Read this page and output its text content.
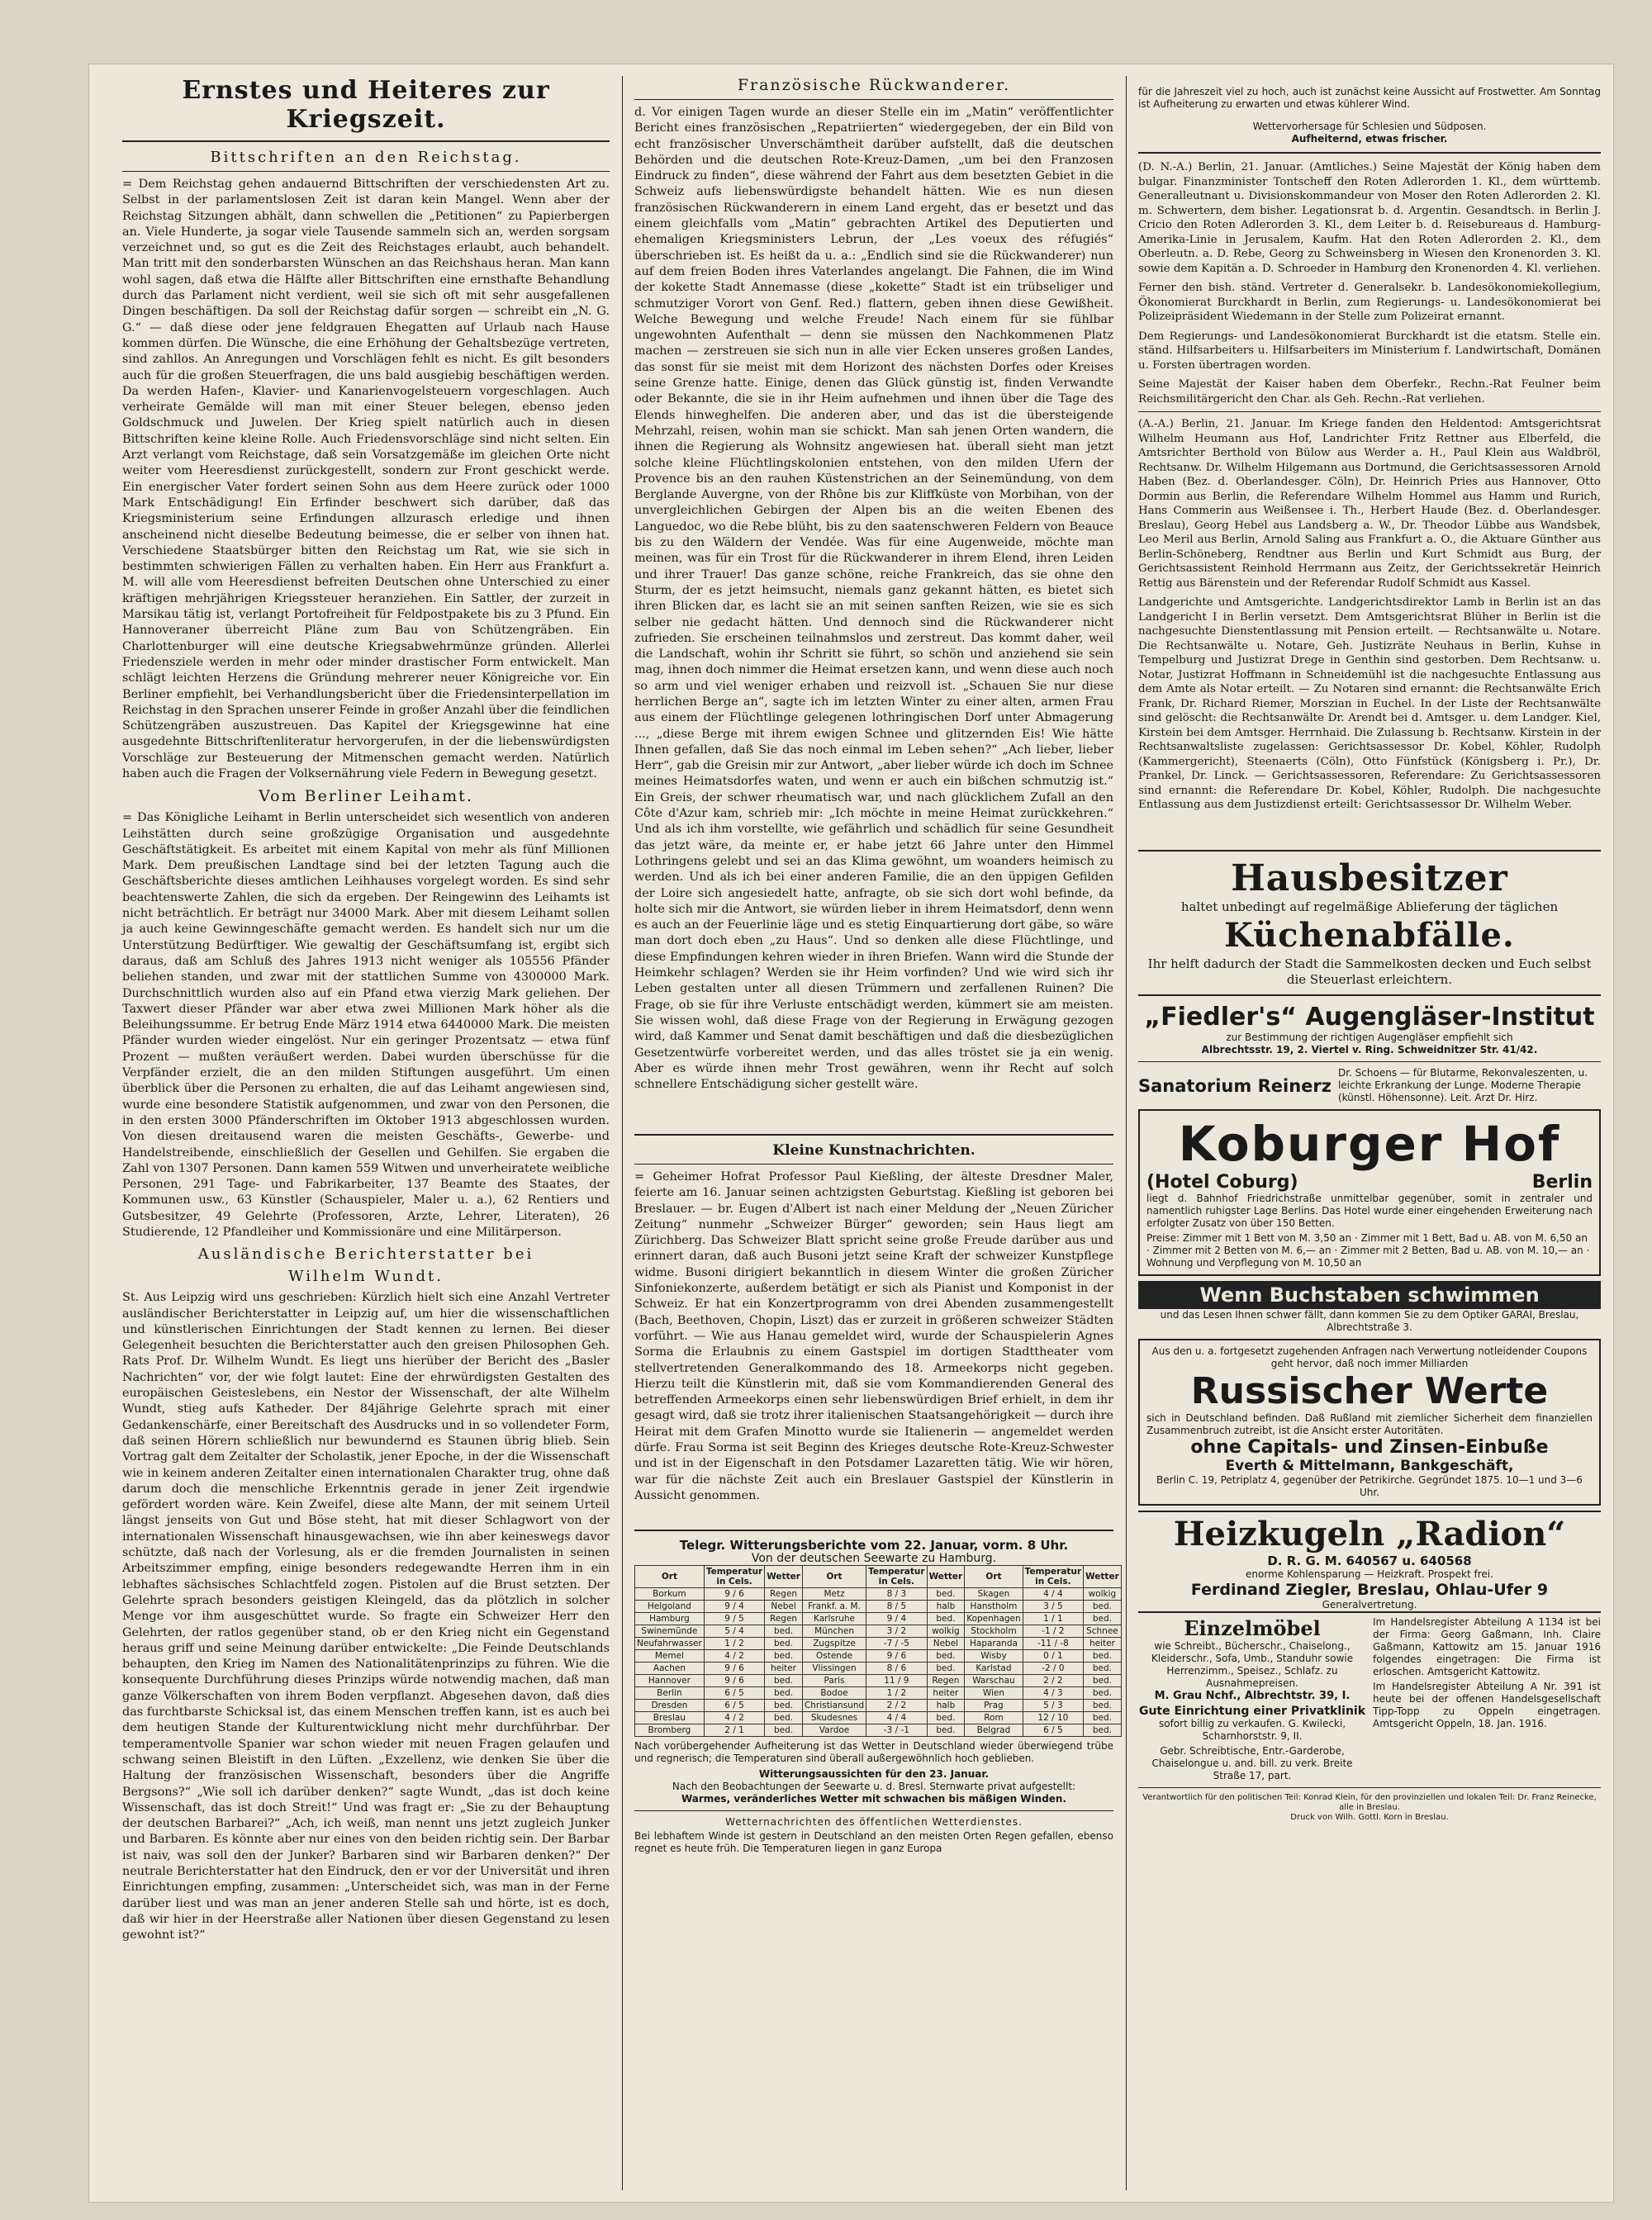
Ernstes und Heiteres zur Kriegszeit.
Bittschriften an den Reichstag.

= Dem Reichstag gehen andauernd Bittschriften der verschiedensten Art zu. Selbst in der parlamentslosen Zeit ist daran kein Mangel. Wenn aber der Reichstag Sitzungen abhält, dann schwellen die „Petitionen“ zu Papierbergen an. Viele Hunderte, ja sogar viele Tausende sammeln sich an, werden sorgsam verzeichnet und, so gut es die Zeit des Reichstages erlaubt, auch behandelt. Man tritt mit den sonderbarsten Wünschen an das Reichshaus heran. Man kann wohl sagen, daß etwa die Hälfte aller Bittschriften eine ernsthafte Behandlung durch das Parlament nicht verdient, weil sie sich oft mit sehr ausgefallenen Dingen beschäftigen. Da soll der Reichstag dafür sorgen — schreibt ein „N. G. G.“ — daß diese oder jene feldgrauen Ehegatten auf Urlaub nach Hause kommen dürfen. Die Wünsche, die eine Erhöhung der Gehaltsbezüge vertreten, sind zahllos. An Anregungen und Vorschlägen fehlt es nicht. Es gilt besonders auch für die großen Steuerfragen, die uns bald ausgiebig beschäftigen werden. Da werden Hafen-, Klavier- und Kanarienvogelsteuern vorgeschlagen. Auch verheirate Gemälde will man mit einer Steuer belegen, ebenso jeden Goldschmuck und Juwelen. Der Krieg spielt natürlich auch in diesen Bittschriften keine kleine Rolle. Auch Friedensvorschläge sind nicht selten. Ein Arzt verlangt vom Reichstage, daß sein Vorsatzgemäße im gleichen Orte nicht weiter vom Heeresdienst zurückgestellt, sondern zur Front geschickt werde. Ein energischer Vater fordert seinen Sohn aus dem Heere zurück oder 1000 Mark Entschädigung! Ein Erfinder beschwert sich darüber, daß das Kriegsministerium seine Erfindungen allzurasch erledige und ihnen anscheinend nicht dieselbe Bedeutung beimesse, die er selber von ihnen hat. Verschiedene Staatsbürger bitten den Reichstag um Rat, wie sie sich in bestimmten schwierigen Fällen zu verhalten haben. Ein Herr aus Frankfurt a. M. will alle vom Heeresdienst befreiten Deutschen ohne Unterschied zu einer kräftigen mehrjährigen Kriegssteuer heranziehen. Ein Sattler, der zurzeit in Marsikau tätig ist, verlangt Portofreiheit für Feldpostpakete bis zu 3 Pfund. Ein Hannoveraner überreicht Pläne zum Bau von Schützengräben. Ein Charlottenburger will eine deutsche Kriegsabwehrmünze gründen. Allerlei Friedensziele werden in mehr oder minder drastischer Form entwickelt. Man schlägt leichten Herzens die Gründung mehrerer neuer Königreiche vor. Ein Berliner empfiehlt, bei Verhandlungsbericht über die Friedensinterpellation im Reichstag in den Sprachen unserer Feinde in großer Anzahl über die feindlichen Schützengräben auszustreuen. Das Kapitel der Kriegsgewinne hat eine ausgedehnte Bittschriftenliteratur hervorgerufen, in der die liebenswürdigsten Vorschläge zur Besteuerung der Mitmenschen gemacht werden. Natürlich haben auch die Fragen der Volksernährung viele Federn in Bewegung gesetzt.

Vom Berliner Leihamt.

= Das Königliche Leihamt in Berlin unterscheidet sich wesentlich von anderen Leihstätten durch seine großzügige Organisation und ausgedehnte Geschäftstätigkeit. Es arbeitet mit einem Kapital von mehr als fünf Millionen Mark. Dem preußischen Landtage sind bei der letzten Tagung auch die Geschäftsberichte dieses amtlichen Leihhauses vorgelegt worden. Es sind sehr beachtenswerte Zahlen, die sich da ergeben. Der Reingewinn des Leihamts ist nicht beträchtlich. Er beträgt nur 34000 Mark. Aber mit diesem Leihamt sollen ja auch keine Gewinngeschäfte gemacht werden. Es handelt sich nur um die Unterstützung Bedürftiger. Wie gewaltig der Geschäftsumfang ist, ergibt sich daraus, daß am Schluß des Jahres 1913 nicht weniger als 105556 Pfänder beliehen standen, und zwar mit der stattlichen Summe von 4300000 Mark. Durchschnittlich wurden also auf ein Pfand etwa vierzig Mark geliehen. Der Taxwert dieser Pfänder war aber etwa zwei Millionen Mark höher als die Beleihungssumme. Er betrug Ende März 1914 etwa 6440000 Mark. Die meisten Pfänder wurden wieder eingelöst. Nur ein geringer Prozentsatz — etwa fünf Prozent — mußten veräußert werden. Dabei wurden überschüsse für die Verpfänder erzielt, die an den milden Stiftungen ausgeführt. Um einen überblick über die Personen zu erhalten, die auf das Leihamt angewiesen sind, wurde eine besondere Statistik aufgenommen, und zwar von den Personen, die in den ersten 3000 Pfänderschriften im Oktober 1913 abgeschlossen wurden. Von diesen dreitausend waren die meisten Geschäfts-, Gewerbe- und Handelstreibende, einschließlich der Gesellen und Gehilfen. Sie ergaben die Zahl von 1307 Personen. Dann kamen 559 Witwen und unverheiratete weibliche Personen, 291 Tage- und Fabrikarbeiter, 137 Beamte des Staates, der Kommunen usw., 63 Künstler (Schauspieler, Maler u. a.), 62 Rentiers und Gutsbesitzer, 49 Gelehrte (Professoren, Arzte, Lehrer, Literaten), 26 Studierende, 12 Pfandleiher und Kommissionäre und eine Militärperson.

Ausländische Berichterstatter bei
Wilhelm Wundt.

St. Aus Leipzig wird uns geschrieben: Kürzlich hielt sich eine Anzahl Vertreter ausländischer Berichterstatter in Leipzig auf, um hier die wissenschaftlichen und künstlerischen Einrichtungen der Stadt kennen zu lernen. Bei dieser Gelegenheit besuchten die Berichterstatter auch den greisen Philosophen Geh. Rats Prof. Dr. Wilhelm Wundt. Es liegt uns hierüber der Bericht des „Basler Nachrichten“ vor, der wie folgt lautet: Eine der ehrwürdigsten Gestalten des europäischen Geisteslebens, ein Nestor der Wissenschaft, der alte Wilhelm Wundt, stieg aufs Katheder. Der 84jährige Gelehrte sprach mit einer Gedankenschärfe, einer Bereitschaft des Ausdrucks und in so vollendeter Form, daß seinen Hörern schließlich nur bewundernd es Staunen übrig blieb. Sein Vortrag galt dem Zeitalter der Scholastik, jener Epoche, in der die Wissenschaft wie in keinem anderen Zeitalter einen internationalen Charakter trug, ohne daß darum doch die menschliche Erkenntnis gerade in jener Zeit irgendwie gefördert worden wäre. Kein Zweifel, diese alte Mann, der mit seinem Urteil längst jenseits von Gut und Böse steht, hat mit dieser Schlagwort von der internationalen Wissenschaft hinausgewachsen, wie ihn aber keineswegs davor schützte, daß nach der Vorlesung, als er die fremden Journalisten in seinen Arbeitszimmer empfing, einige besonders redegewandte Herren ihm in ein lebhaftes sächsisches Schlachtfeld zogen. Pistolen auf die Brust setzten. Der Gelehrte sprach besonders geistigen Kleingeld, das da plötzlich in solcher Menge vor ihm ausgeschüttet wurde. So fragte ein Schweizer Herr den Gelehrten, der ratlos gegenüber stand, ob er den Krieg nicht ein Gegenstand heraus griff und seine Meinung darüber entwickelte: „Die Feinde Deutschlands behaupten, den Krieg im Namen des Nationalitätenprinzips zu führen. Wie die konsequente Durchführung dieses Prinzips würde notwendig machen, daß man ganze Völkerschaften von ihrem Boden verpflanzt. Abgesehen davon, daß dies das furchtbarste Schicksal ist, das einem Menschen treffen kann, ist es auch bei dem heutigen Stande der Kulturentwicklung nicht mehr durchführbar. Der temperamentvolle Spanier war schon wieder mit neuen Fragen gelaufen und schwang seinen Bleistift in den Lüften. „Exzellenz, wie denken Sie über die Haltung der französischen Wissenschaft, besonders über die Angriffe Bergsons?“ „Wie soll ich darüber denken?“ sagte Wundt, „das ist doch keine Wissenschaft, das ist doch Streit!“ Und was fragt er: „Sie zu der Behauptung der deutschen Barbarei?“ „Ach, ich weiß, man nennt uns jetzt zugleich Junker und Barbaren. Es könnte aber nur eines von den beiden richtig sein. Der Barbar ist naiv, was soll den der Junker? Barbaren sind wir Barbaren denken?“ Der neutrale Berichterstatter hat den Eindruck, den er vor der Universität und ihren Einrichtungen empfing, zusammen: „Unterscheidet sich, was man in der Ferne darüber liest und was man an jener anderen Stelle sah und hörte, ist es doch, daß wir hier in der Heerstraße aller Nationen über diesen Gegenstand zu lesen gewohnt ist?“

Französische Rückwanderer.

d. Vor einigen Tagen wurde an dieser Stelle ein im „Matin“ veröffentlichter Bericht eines französischen „Repatriierten“ wiedergegeben, der ein Bild von echt französischer Unverschämtheit darüber aufstellt, daß die deutschen Behörden und die deutschen Rote-Kreuz-Damen, „um bei den Franzosen Eindruck zu finden“, diese während der Fahrt aus dem besetzten Gebiet in die Schweiz aufs liebenswürdigste behandelt hätten. Wie es nun diesen französischen Rückwanderern in einem Land ergeht, das er besetzt und das einem gleichfalls vom „Matin“ gebrachten Artikel des Deputierten und ehemaligen Kriegsministers Lebrun, der „Les voeux des réfugiés“ überschrieben ist. Es heißt da u. a.: „Endlich sind sie die Rückwanderer) nun auf dem freien Boden ihres Vaterlandes angelangt. Die Fahnen, die im Wind der kokette Stadt Annemasse (diese „kokette“ Stadt ist ein trübseliger und schmutziger Vorort von Genf. Red.) flattern, geben ihnen diese Gewißheit. Welche Bewegung und welche Freude! Nach einem für sie fühlbar ungewohnten Aufenthalt — denn sie müssen den Nachkommenen Platz machen — zerstreuen sie sich nun in alle vier Ecken unseres großen Landes, das sonst für sie meist mit dem Horizont des nächsten Dorfes oder Kreises seine Grenze hatte. Einige, denen das Glück günstig ist, finden Verwandte oder Bekannte, die sie in ihr Heim aufnehmen und ihnen über die Tage des Elends hinweghelfen. Die anderen aber, und das ist die übersteigende Mehrzahl, reisen, wohin man sie schickt. Man sah jenen Orten wandern, die ihnen die Regierung als Wohnsitz angewiesen hat. überall sieht man jetzt solche kleine Flüchtlingskolonien entstehen, von den milden Ufern der Provence bis an den rauhen Küstenstrichen an der Seinemündung, von dem Berglande Auvergne, von der Rhône bis zur Kliffküste von Morbihan, von der unvergleichlichen Gebirgen der Alpen bis an die weiten Ebenen des Languedoc, wo die Rebe blüht, bis zu den saatenschweren Feldern von Beauce bis zu den Wäldern der Vendée. Was für eine Augenweide, möchte man meinen, was für ein Trost für die Rückwanderer in ihrem Elend, ihren Leiden und ihrer Trauer! Das ganze schöne, reiche Frankreich, das sie ohne den Sturm, der es jetzt heimsucht, niemals ganz gekannt hätten, es bietet sich ihren Blicken dar, es lacht sie an mit seinen sanften Reizen, wie sie es sich selber nie gedacht hätten. Und dennoch sind die Rückwanderer nicht zufrieden. Sie erscheinen teilnahmslos und zerstreut. Das kommt daher, weil die Landschaft, wohin ihr Schritt sie führt, so schön und anziehend sie sein mag, ihnen doch nimmer die Heimat ersetzen kann, und wenn diese auch noch so arm und viel weniger erhaben und reizvoll ist. „Schauen Sie nur diese herrlichen Berge an“, sagte ich im letzten Winter zu einer alten, armen Frau aus einem der Flüchtlinge gelegenen lothringischen Dorf unter Abmagerung ..., „diese Berge mit ihrem ewigen Schnee und glitzernden Eis! Wie hätte Ihnen gefallen, daß Sie das noch einmal im Leben sehen?“ „Ach lieber, lieber Herr“, gab die Greisin mir zur Antwort, „aber lieber würde ich doch im Schnee meines Heimatsdorfes waten, und wenn er auch ein bißchen schmutzig ist.“ Ein Greis, der schwer rheumatisch war, und nach glücklichem Zufall an den Côte d'Azur kam, schrieb mir: „Ich möchte in meine Heimat zurückkehren.“ Und als ich ihm vorstellte, wie gefährlich und schädlich für seine Gesundheit das jetzt wäre, da meinte er, er habe jetzt 66 Jahre unter den Himmel Lothringens gelebt und sei an das Klima gewöhnt, um woanders heimisch zu werden. Und als ich bei einer anderen Familie, die an den üppigen Gefilden der Loire sich angesiedelt hatte, anfragte, ob sie sich dort wohl befinde, da holte sich mir die Antwort, sie würden lieber in ihrem Heimatsdorf, denn wenn es auch an der Feuerlinie läge und es stetig Einquartierung dort gäbe, so wäre man dort doch eben „zu Haus“. Und so denken alle diese Flüchtlinge, und diese Empfindungen kehren wieder in ihren Briefen. Wann wird die Stunde der Heimkehr schlagen? Werden sie ihr Heim vorfinden? Und wie wird sich ihr Leben gestalten unter all diesen Trümmern und zerfallenen Ruinen? Die Frage, ob sie für ihre Verluste entschädigt werden, kümmert sie am meisten. Sie wissen wohl, daß diese Frage von der Regierung in Erwägung gezogen wird, daß Kammer und Senat damit beschäftigen und daß die diesbezüglichen Gesetzentwürfe vorbereitet werden, und das alles tröstet sie ja ein wenig. Aber es würde ihnen mehr Trost gewähren, wenn ihr Recht auf solch schnellere Entschädigung sicher gestellt wäre.

Kleine Kunstnachrichten.

= Geheimer Hofrat Professor Paul Kießling, der älteste Dresdner Maler, feierte am 16. Januar seinen achtzigsten Geburtstag. Kießling ist geboren bei Breslauer. — br. Eugen d'Albert ist nach einer Meldung der „Neuen Züricher Zeitung“ nunmehr „Schweizer Bürger“ geworden; sein Haus liegt am Zürichberg. Das Schweizer Blatt spricht seine große Freude darüber aus und erinnert daran, daß auch Busoni jetzt seine Kraft der schweizer Kunstpflege widme. Busoni dirigiert bekanntlich in diesem Winter die großen Züricher Sinfoniekonzerte, außerdem betätigt er sich als Pianist und Komponist in der Schweiz. Er hat ein Konzertprogramm von drei Abenden zusammengestellt (Bach, Beethoven, Chopin, Liszt) das er zurzeit in größeren schweizer Städten vorführt. — Wie aus Hanau gemeldet wird, wurde der Schauspielerin Agnes Sorma die Erlaubnis zu einem Gastspiel im dortigen Stadttheater vom stellvertretenden Generalkommando des 18. Armeekorps nicht gegeben. Hierzu teilt die Künstlerin mit, daß sie vom Kommandierenden General des betreffenden Armeekorps einen sehr liebenswürdigen Brief erhielt, in dem ihr gesagt wird, daß sie trotz ihrer italienischen Staatsangehörigkeit — durch ihre Heirat mit dem Grafen Minotto wurde sie Italienerin — angemeldet werden dürfe. Frau Sorma ist seit Beginn des Krieges deutsche Rote-Kreuz-Schwester und ist in der Eigenschaft in den Potsdamer Lazaretten tätig. Wie wir hören, war für die nächste Zeit auch ein Breslauer Gastspiel der Künstlerin in Aussicht genommen.

Telegr. Witterungsberichte vom 22. Januar, vorm. 8 Uhr.
Von der deutschen Seewarte zu Hamburg.
Ort	Temperatur in Cels.	Wetter	Ort	Temperatur in Cels.	Wetter	Ort	Temperatur in Cels.	Wetter
Borkum	9 / 6	Regen	Metz	8 / 3	bed.	Skagen	4 / 4	wolkig
Helgoland	9 / 4	Nebel	Frankf. a. M.	8 / 5	halb	Hanstholm	3 / 5	bed.
Hamburg	9 / 5	Regen	Karlsruhe	9 / 4	bed.	Kopenhagen	1 / 1	bed.
Swinemünde	5 / 4	bed.	München	3 / 2	wolkig	Stockholm	-1 / 2	Schnee
Neufahrwasser	1 / 2	bed.	Zugspitze	-7 / -5	Nebel	Haparanda	-11 / -8	heiter
Memel	4 / 2	bed.	Ostende	9 / 6	bed.	Wisby	0 / 1	bed.
Aachen	9 / 6	heiter	Vlissingen	8 / 6	bed.	Karlstad	-2 / 0	bed.
Hannover	9 / 6	bed.	Paris	11 / 9	Regen	Warschau	2 / 2	bed.
Berlin	6 / 5	bed.	Bodoe	1 / 2	heiter	Wien	4 / 3	bed.
Dresden	6 / 5	bed.	Christiansund	2 / 2	halb	Prag	5 / 3	bed.
Breslau	4 / 2	bed.	Skudesnes	4 / 4	bed.	Rom	12 / 10	bed.
Bromberg	2 / 1	bed.	Vardoe	-3 / -1	bed.	Belgrad	6 / 5	bed.

Nach vorübergehender Aufheiterung ist das Wetter in Deutschland wieder überwiegend trübe und regnerisch; die Temperaturen sind überall außergewöhnlich hoch geblieben.

Witterungsaussichten für den 23. Januar.
Nach den Beobachtungen der Seewarte u. d. Bresl. Sternwarte privat aufgestellt:
Warmes, veränderliches Wetter mit schwachen bis mäßigen Winden.
Wetternachrichten des öffentlichen Wetterdienstes.

Bei lebhaftem Winde ist gestern in Deutschland an den meisten Orten Regen gefallen, ebenso regnet es heute früh. Die Temperaturen liegen in ganz Europa

für die Jahreszeit viel zu hoch, auch ist zunächst keine Aussicht auf Frostwetter. Am Sonntag ist Aufheiterung zu erwarten und etwas kühlerer Wind.

Wettervorhersage für Schlesien und Südposen.
Aufheiternd, etwas frischer.

(D. N.-A.) Berlin, 21. Januar. (Amtliches.) Seine Majestät der König haben dem bulgar. Finanzminister Tontscheff den Roten Adlerorden 1. Kl., dem württemb. Generalleutnant u. Divisionskommandeur von Moser den Roten Adlerorden 2. Kl. m. Schwertern, dem bisher. Legationsrat b. d. Argentin. Gesandtsch. in Berlin J. Cricio den Roten Adlerorden 3. Kl., dem Leiter b. d. Reisebureaus d. Hamburg-Amerika-Linie in Jerusalem, Kaufm. Hat den Roten Adlerorden 2. Kl., dem Oberleutn. a. D. Rebe, Georg zu Schweinsberg in Wiesen den Kronenorden 3. Kl. sowie dem Kapitän a. D. Schroeder in Hamburg den Kronenorden 4. Kl. verliehen.

Ferner den bish. ständ. Vertreter d. Generalsekr. b. Landesökonomiekollegium, Ökonomierat Burckhardt in Berlin, zum Regierungs- u. Landesökonomierat bei Polizeipräsident Wiedemann in der Stelle zum Polizeirat ernannt.

Dem Regierungs- und Landesökonomierat Burckhardt ist die etatsm. Stelle ein. ständ. Hilfsarbeiters u. Hilfsarbeiters im Ministerium f. Landwirtschaft, Domänen u. Forsten übertragen worden.

Seine Majestät der Kaiser haben dem Oberfekr., Rechn.-Rat Feulner beim Reichsmilitärgericht den Char. als Geh. Rechn.-Rat verliehen.

(A.-A.) Berlin, 21. Januar. Im Kriege fanden den Heldentod: Amtsgerichtsrat Wilhelm Heumann aus Hof, Landrichter Fritz Rettner aus Elberfeld, die Amtsrichter Berthold von Bülow aus Werder a. H., Paul Klein aus Waldbröl, Rechtsanw. Dr. Wilhelm Hilgemann aus Dortmund, die Gerichtsassessoren Arnold Haben (Bez. d. Oberlandesger. Cöln), Dr. Heinrich Pries aus Hannover, Otto Dormin aus Berlin, die Referendare Wilhelm Hommel aus Hamm und Rurich, Hans Commerin aus Weißensee i. Th., Herbert Haude (Bez. d. Oberlandesger. Breslau), Georg Hebel aus Landsberg a. W., Dr. Theodor Lübbe aus Wandsbek, Leo Meril aus Berlin, Arnold Saling aus Frankfurt a. O., die Aktuare Günther aus Berlin-Schöneberg, Rendtner aus Berlin und Kurt Schmidt aus Burg, der Gerichtsassistent Reinhold Herrmann aus Zeitz, der Gerichtssekretär Heinrich Rettig aus Bärenstein und der Referendar Rudolf Schmidt aus Kassel.

Landgerichte und Amtsgerichte. Landgerichtsdirektor Lamb in Berlin ist an das Landgericht I in Berlin versetzt. Dem Amtsgerichtsrat Blüher in Berlin ist die nachgesuchte Dienstentlassung mit Pension erteilt. — Rechtsanwälte u. Notare. Die Rechtsanwälte u. Notare, Geh. Justizräte Neuhaus in Berlin, Kuhse in Tempelburg und Justizrat Drege in Genthin sind gestorben. Dem Rechtsanw. u. Notar, Justizrat Hoffmann in Schneidemühl ist die nachgesuchte Entlassung aus dem Amte als Notar erteilt. — Zu Notaren sind ernannt: die Rechtsanwälte Erich Frank, Dr. Richard Riemer, Morszian in Euchel. In der Liste der Rechtsanwälte sind gelöscht: die Rechtsanwälte Dr. Arendt bei d. Amtsger. u. dem Landger. Kiel, Kirstein bei dem Amtsger. Herrnhaid. Die Zulassung b. Rechtsanw. Kirstein in der Rechtsanwaltsliste zugelassen: Gerichtsassessor Dr. Kobel, Köhler, Rudolph (Kammergericht), Steenaerts (Cöln), Otto Fünfstück (Königsberg i. Pr.), Dr. Prankel, Dr. Linck. — Gerichtsassessoren, Referendare: Zu Gerichtsassessoren sind ernannt: die Referendare Dr. Kobel, Köhler, Rudolph. Die nachgesuchte Entlassung aus dem Justizdienst erteilt: Gerichtsassessor Dr. Wilhelm Weber.

Hausbesitzer
haltet unbedingt auf regelmäßige Ablieferung der täglichen
Küchenabfälle.
Ihr helft dadurch der Stadt die Sammelkosten decken und Euch selbst die Steuerlast erleichtern.
„Fiedler's“ Augengläser-Institut
zur Bestimmung der richtigen Augengläser empfiehlt sich
Albrechtsstr. 19, 2. Viertel v. Ring. Schweidnitzer Str. 41/42.
Sanatorium Reinerz
Dr. Schoens — für Blutarme, Rekonvaleszenten, u. leichte Erkrankung der Lunge. Moderne Therapie (künstl. Höhensonne). Leit. Arzt Dr. Hirz.
Koburger Hof
(Hotel Coburg)	Berlin
liegt d. Bahnhof Friedrichstraße unmittelbar gegenüber, somit in zentraler und namentlich ruhigster Lage Berlins. Das Hotel wurde einer eingehenden Erweiterung nach erfolgter Zusatz von über 150 Betten.
Preise: Zimmer mit 1 Bett von M. 3,50 an · Zimmer mit 1 Bett, Bad u. AB. von M. 6,50 an · Zimmer mit 2 Betten von M. 6,— an · Zimmer mit 2 Betten, Bad u. AB. von M. 10,— an · Wohnung und Verpflegung von M. 10,50 an
Wenn Buchstaben schwimmen
und das Lesen Ihnen schwer fällt, dann kommen Sie zu dem Optiker GARAI, Breslau, Albrechtstraße 3.
Aus den u. a. fortgesetzt zugehenden Anfragen nach Verwertung notleidender Coupons geht hervor, daß noch immer Milliarden
Russischer Werte
sich in Deutschland befinden. Daß Rußland mit ziemlicher Sicherheit dem finanziellen Zusammenbruch zutreibt, ist die Ansicht erster Autoritäten.
ohne Capitals- und Zinsen-Einbuße
Everth & Mittelmann, Bankgeschäft,
Berlin C. 19, Petriplatz 4, gegenüber der Petrikirche. Gegründet 1875. 10—1 und 3—6 Uhr.
Heizkugeln „Radion“
D. R. G. M. 640567 u. 640568
enorme Kohlensparung — Heizkraft. Prospekt frei.
Ferdinand Ziegler, Breslau, Ohlau-Ufer 9
Generalvertretung.
Einzelmöbel
wie Schreibt., Bücherschr., Chaiselong., Kleiderschr., Sofa, Umb., Standuhr sowie Herrenzimm., Speisez., Schlafz. zu Ausnahmepreisen.
M. Grau Nchf., Albrechtstr. 39, I.
Gute Einrichtung einer Privatklinik
sofort billig zu verkaufen. G. Kwilecki, Scharnhorststr. 9, II.
Gebr. Schreibtische, Entr.-Garderobe, Chaiselongue u. and. bill. zu verk. Breite Straße 17, part.
Im Handelsregister Abteilung A 1134 ist bei der Firma: Georg Gaßmann, Inh. Claire Gaßmann, Kattowitz am 15. Januar 1916 folgendes eingetragen: Die Firma ist erloschen. Amtsgericht Kattowitz.
Im Handelsregister Abteilung A Nr. 391 ist heute bei der offenen Handelsgesellschaft Tipp-Topp zu Oppeln eingetragen. Amtsgericht Oppeln, 18. Jan. 1916.
Verantwortlich für den politischen Teil: Konrad Klein, für den provinziellen und lokalen Teil: Dr. Franz Reinecke, alle in Breslau.
Druck von Wilh. Gottl. Korn in Breslau.
